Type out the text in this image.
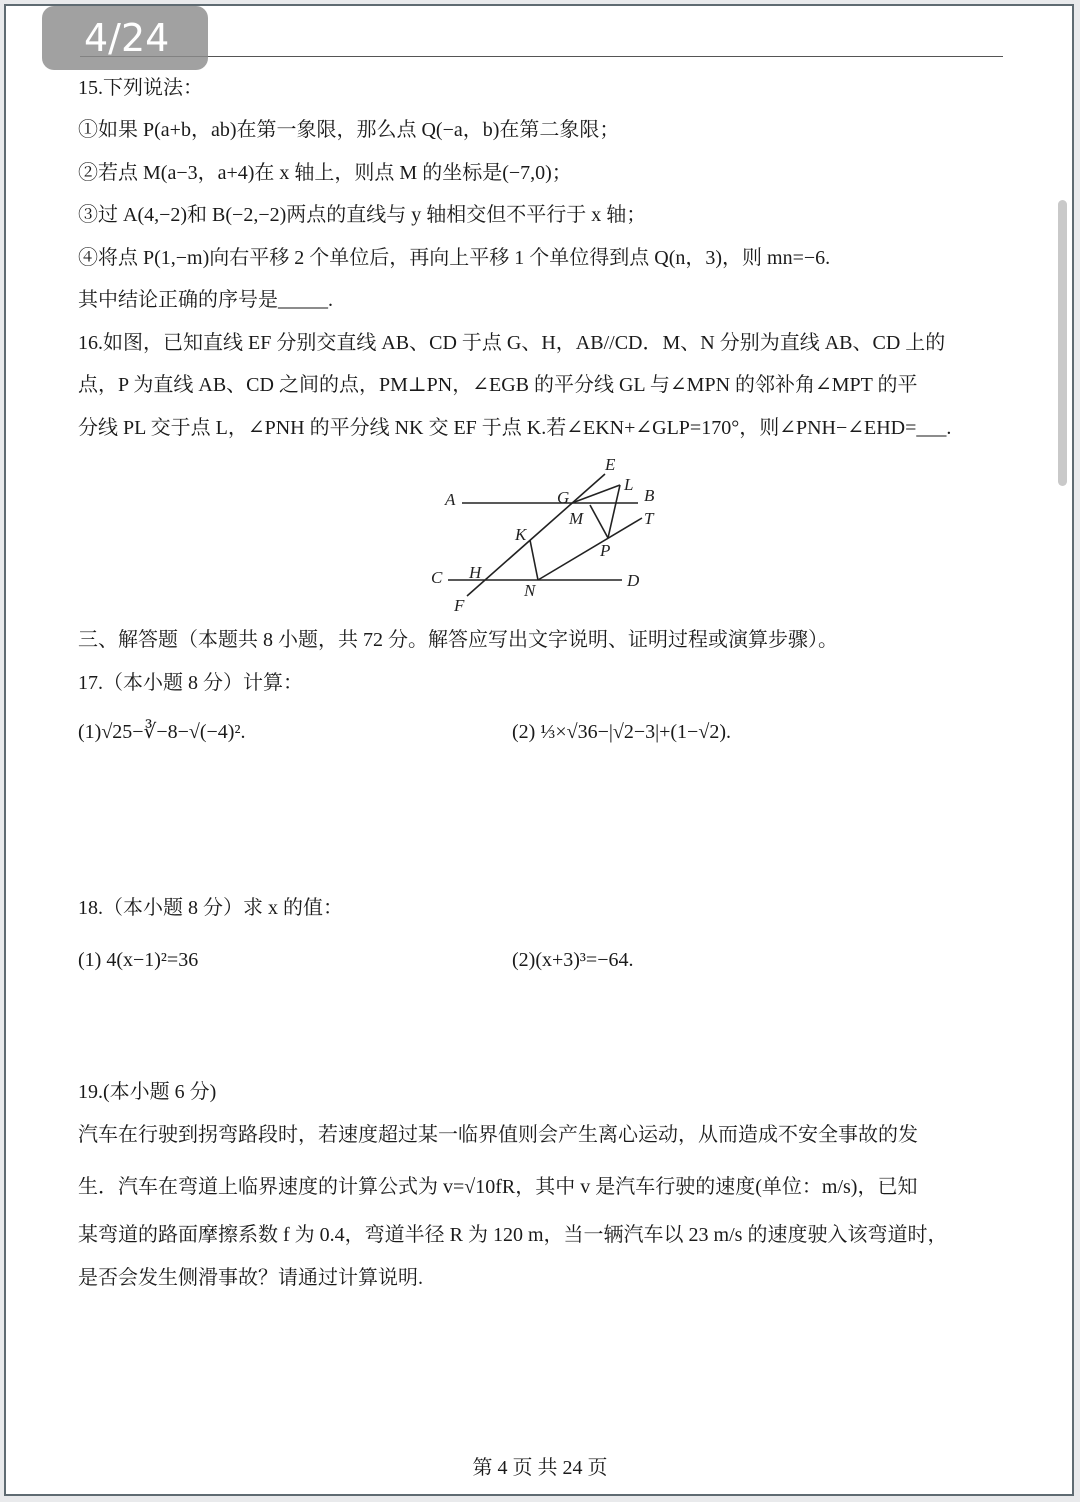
15.下列说法：
①如果 P(a+b，ab)在第一象限，那么点 Q(−a，b)在第二象限；
②若点 M(a−3，a+4)在 x 轴上，则点 M 的坐标是(−7,0)；
③过 A(4,−2)和 B(−2,−2)两点的直线与 y 轴相交但不平行于 x 轴；
④将点 P(1,−m)向右平移 2 个单位后，再向上平移 1 个单位得到点 Q(n，3)，则 mn=−6.
其中结论正确的序号是_____.
16.如图，已知直线 EF 分别交直线 AB、CD 于点 G、H，AB//CD．M、N 分别为直线 AB、CD 上的
点，P 为直线 AB、CD 之间的点，PM⊥PN，∠EGB 的平分线 GL 与∠MPN 的邻补角∠MPT 的平
分线 PL 交于点 L，∠PNH 的平分线 NK 交 EF 于点 K.若∠EKN+∠GLP=170°，则∠PNH−∠EHD=___.
A	B
C	D
E
F
G
H
K
L
M
N
P
T
三、解答题（本题共 8 小题，共 72 分。解答应写出文字说明、证明过程或演算步骤）。
17.（本小题 8 分）计算：
(1)√25−∛−8−√(−4)².	(2) ⅓×√36−|√2−3|+(1−√2).
18.（本小题 8 分）求 x 的值：
(1) 4(x−1)²=36	(2)(x+3)³=−64.
19.(本小题 6 分)
汽车在行驶到拐弯路段时，若速度超过某一临界值则会产生离心运动，从而造成不安全事故的发
生．汽车在弯道上临界速度的计算公式为 v=√10fR，其中 v 是汽车行驶的速度(单位：m/s)，已知
某弯道的路面摩擦系数 f 为 0.4，弯道半径 R 为 120 m，当一辆汽车以 23 m/s 的速度驶入该弯道时，
是否会发生侧滑事故？请通过计算说明.
第 4 页 共 24 页
4/24
